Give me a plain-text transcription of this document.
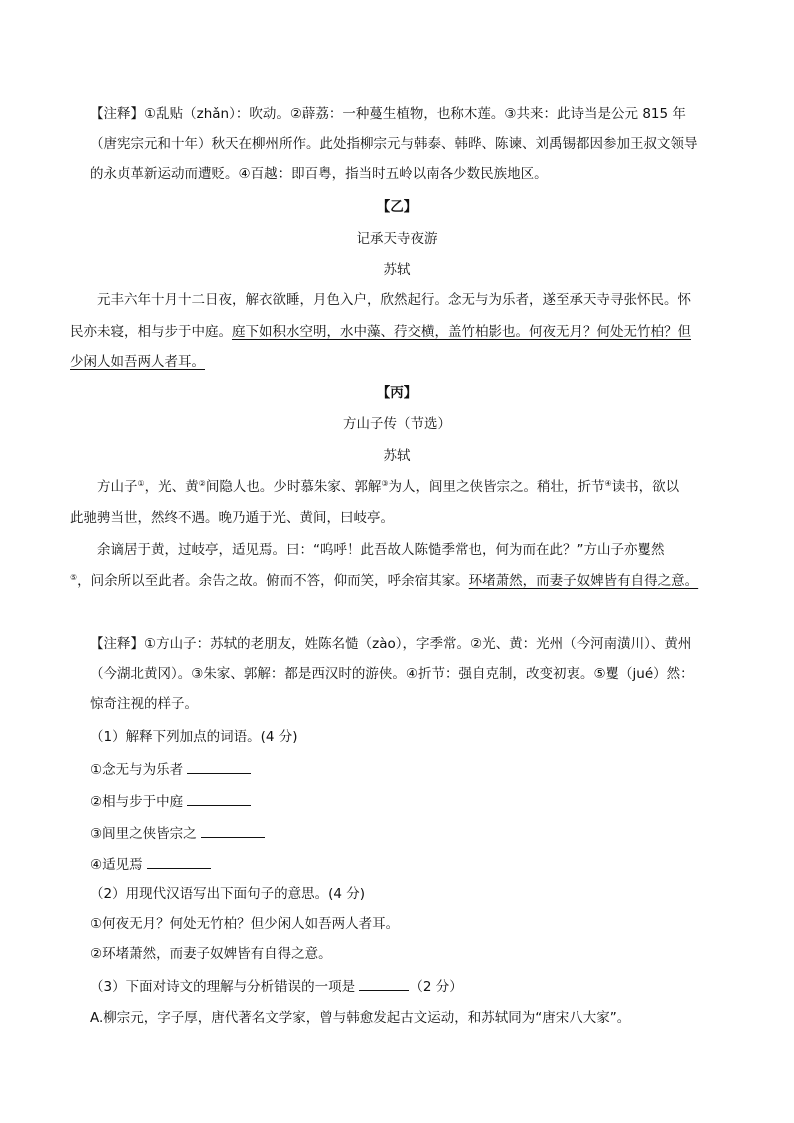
【注释】①乱贴（zhǎn）：吹动。②薜荔：一种蔓生植物，也称木莲。③共来：此诗当是公元 815 年
（唐宪宗元和十年）秋天在柳州所作。此处指柳宗元与韩泰、韩晔、陈谏、刘禹锡都因参加王叔文领导
的永贞革新运动而遭贬。④百越：即百粤，指当时五岭以南各少数民族地区。
【乙】
记承天寺夜游
苏轼
元丰六年十月十二日夜，解衣欲睡，月色入户，欣然起行。念无与为乐者，遂至承天寺寻张怀民。怀
民亦未寝，相与步于中庭。庭下如积水空明，水中藻、荇交横，盖竹柏影也。何夜无月？何处无竹柏？但
少闲人如吾两人者耳。
【丙】
方山子传（节选）
苏轼
方山子①，光、黄②间隐人也。少时慕朱家、郭解③为人，闾里之侠皆宗之。稍壮，折节④读书，欲以
此驰骋当世，然终不遇。晚乃遁于光、黄间，曰岐亭。
余谪居于黄，过岐亭，适见焉。曰：“呜呼！此吾故人陈慥季常也，何为而在此？”方山子亦矍然
⑤，问余所以至此者。余告之故。俯而不答，仰而笑，呼余宿其家。环堵萧然，而妻子奴婢皆有自得之意。
【注释】①方山子：苏轼的老朋友，姓陈名慥（zào），字季常。②光、黄：光州（今河南潢川）、黄州
（今湖北黄冈）。③朱家、郭解：都是西汉时的游侠。④折节：强自克制，改变初衷。⑤矍（jué）然：
惊奇注视的样子。
（1）解释下列加点的词语。(4 分)
①念无与为乐者
②相与步于中庭
③闾里之侠皆宗之
④适见焉
（2）用现代汉语写出下面句子的意思。(4 分)
①何夜无月？何处无竹柏？但少闲人如吾两人者耳。
②环堵萧然，而妻子奴婢皆有自得之意。
（3）下面对诗文的理解与分析错误的一项是	（2 分）
A.柳宗元，字子厚，唐代著名文学家，曾与韩愈发起古文运动，和苏轼同为“唐宋八大家”。
